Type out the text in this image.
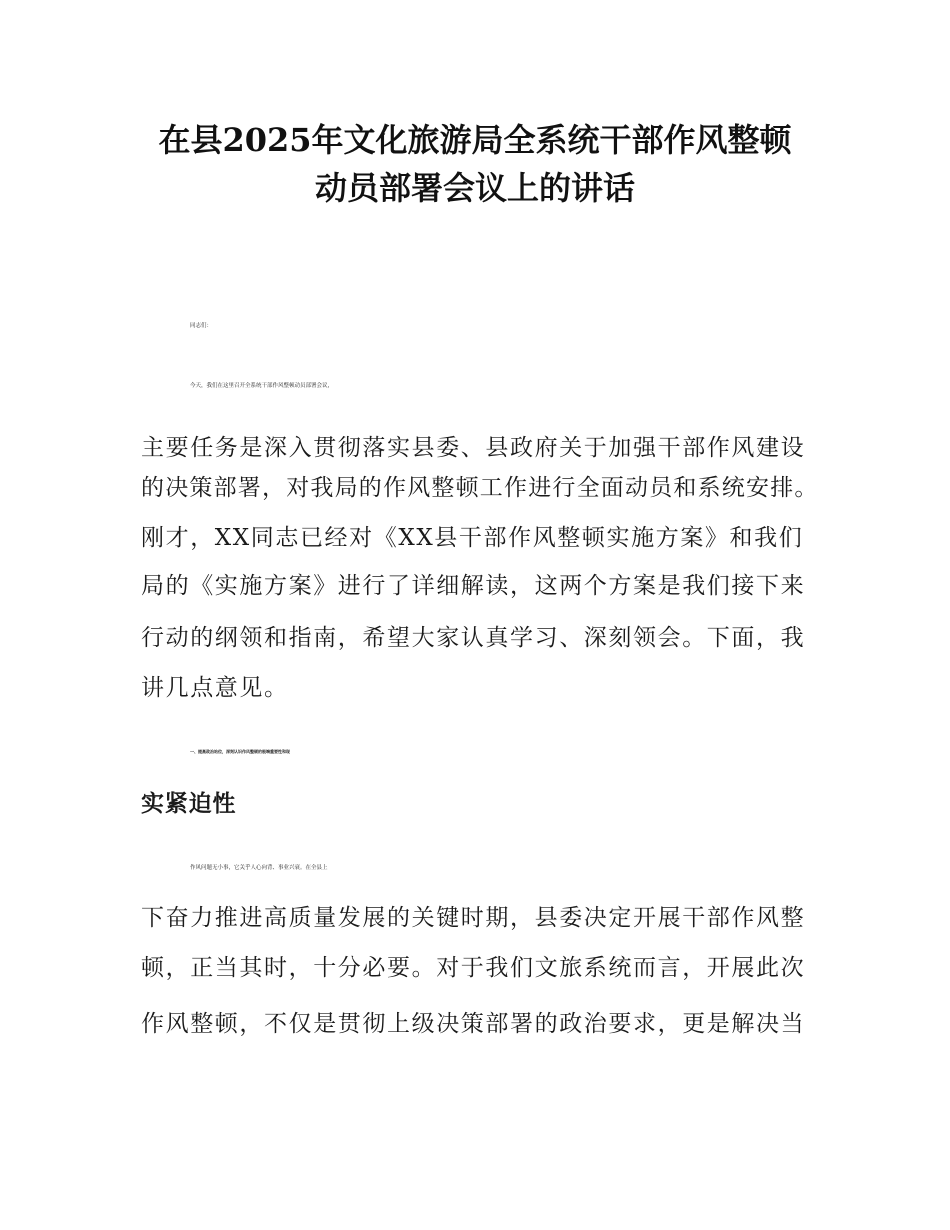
在县2025年文化旅游局全系统干部作风整顿
动员部署会议上的讲话
同志们：
今天，我们在这里召开全系统干部作风整顿动员部署会议，
主要任务是深入贯彻落实县委、县政府关于加强干部作风建设
的决策部署，对我局的作风整顿工作进行全面动员和系统安排。
刚才，XX同志已经对《XX县干部作风整顿实施方案》和我们
局的《实施方案》进行了详细解读，这两个方案是我们接下来
行动的纲领和指南，希望大家认真学习、深刻领会。下面，我
讲几点意见。
一、提高政治站位，深刻认识作风整顿的极端重要性和现
实紧迫性
作风问题无小事，它关乎人心向背、事业兴衰。在全县上
下奋力推进高质量发展的关键时期，县委决定开展干部作风整
顿，正当其时，十分必要。对于我们文旅系统而言，开展此次
作风整顿，不仅是贯彻上级决策部署的政治要求，更是解决当
